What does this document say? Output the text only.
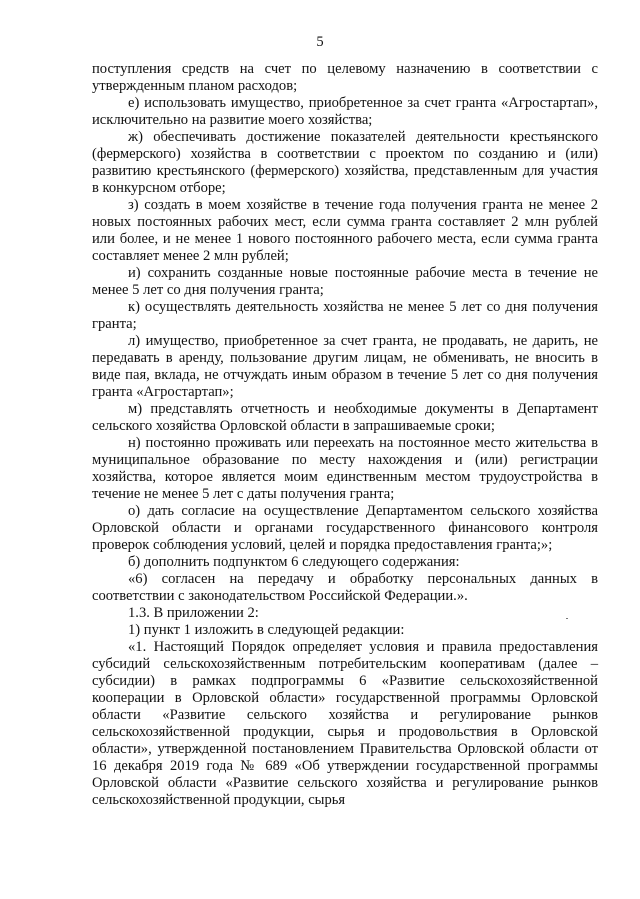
5

поступления средств на счет по целевому назначению в соответствии с утвержденным планом расходов;

е) использовать имущество, приобретенное за счет гранта «Агростартап», исключительно на развитие моего хозяйства;

ж) обеспечивать достижение показателей деятельности крестьянского (фермерского) хозяйства в соответствии с проектом по созданию и (или) развитию крестьянского (фермерского) хозяйства, представленным для участия в конкурсном отборе;

з) создать в моем хозяйстве в течение года получения гранта не менее 2 новых постоянных рабочих мест, если сумма гранта составляет 2 млн рублей или более, и не менее 1 нового постоянного рабочего места, если сумма гранта составляет менее 2 млн рублей;

и) сохранить созданные новые постоянные рабочие места в течение не менее 5 лет со дня получения гранта;

к) осуществлять деятельность хозяйства не менее 5 лет со дня получения гранта;

л) имущество, приобретенное за счет гранта, не продавать, не дарить, не передавать в аренду, пользование другим лицам, не обменивать, не вносить в виде пая, вклада, не отчуждать иным образом в течение 5 лет со дня получения гранта «Агростартап»;

м) представлять отчетность и необходимые документы в Департамент сельского хозяйства Орловской области в запрашиваемые сроки;

н) постоянно проживать или переехать на постоянное место жительства в муниципальное образование по месту нахождения и (или) регистрации хозяйства, которое является моим единственным местом трудоустройства в течение не менее 5 лет с даты получения гранта;

о) дать согласие на осуществление Департаментом сельского хозяйства Орловской области и органами государственного финансового контроля проверок соблюдения условий, целей и порядка предоставления гранта;»;

б) дополнить подпунктом 6 следующего содержания:

«6) согласен на передачу и обработку персональных данных в соответствии с законодательством Российской Федерации.».

1.3. В приложении 2:

1) пункт 1 изложить в следующей редакции:

«1. Настоящий Порядок определяет условия и правила предоставления субсидий сельскохозяйственным потребительским кооперативам (далее – субсидии) в рамках подпрограммы 6 «Развитие сельскохозяйственной кооперации в Орловской области» государственной программы Орловской области «Развитие сельского хозяйства и регулирование рынков сельскохозяйственной продукции, сырья и продовольствия в Орловской области», утвержденной постановлением Правительства Орловской области от 16 декабря 2019 года № 689 «Об утверждении государственной программы Орловской области «Развитие сельского хозяйства и регулирование рынков сельскохозяйственной продукции, сырья
